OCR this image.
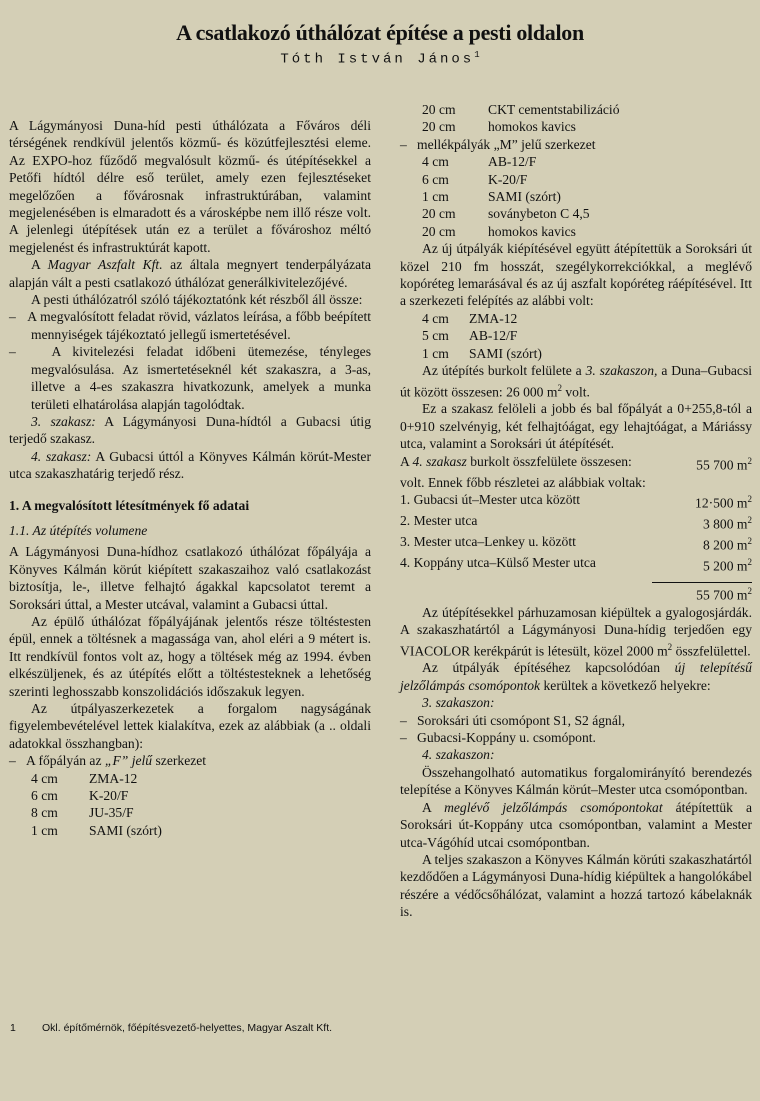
A csatlakozó úthálózat építése a pesti oldalon
Tóth István János$^1$

A Lágymányosi Duna-híd pesti úthálózata a Főváros déli térségének rendkívül jelentős közmű- és közútfejlesztési eleme. Az EXPO-hoz fűződő megvalósult közmű- és útépítésekkel a Petőfi hídtól délre eső terület, amely ezen fejlesztéseket megelőzően a fővárosnak infrastruktúrában, valamint megjelenésében is elmaradott és a városképbe nem illő része volt. A jelenlegi útépítések után ez a terület a fővároshoz méltó megjelenést és infrastruktúrát kapott.

A Magyar Aszfalt Kft. az általa megnyert tenderpályázata alapján vált a pesti csatlakozó úthálózat generálkivitelezőjévé.

A pesti úthálózatról szóló tájékoztatónk két részből áll össze:

–   A megvalósított feladat rövid, vázlatos leírása, a főbb beépített mennyiségek tájékoztató jellegű ismertetésével.

–   A kivitelezési feladat időbeni ütemezése, tényleges megvalósulása. Az ismertetéseknél két szakaszra, a 3-as, illetve a 4-es szakaszra hivatkozunk, amelyek a munka területi elhatárolása alapján tagolódtak.

3. szakasz: A Lágymányosi Duna-hídtól a Gubacsi útig terjedő szakasz.

4. szakasz: A Gubacsi úttól a Könyves Kálmán körút-Mester utca szakaszhatárig terjedő rész.

1. A megvalósított létesítmények fő adatai

1.1. Az útépítés volumene

A Lágymányosi Duna-hídhoz csatlakozó úthálózat főpályája a Könyves Kálmán körút kiépített szakaszaihoz való csatlakozást biztosítja, le-, illetve felhajtó ágakkal kapcsolatot teremt a Soroksári úttal, a Mester utcával, valamint a Gubacsi úttal.

Az épülő úthálózat főpályájának jelentős része töltéstesten épül, ennek a töltésnek a magassága van, ahol eléri a 9 métert is. Itt rendkívül fontos volt az, hogy a töltések még az 1994. évben elkészüljenek, és az útépítés előtt a töltéstesteknek a lehetőség szerinti leghosszabb konszolidációs időszakuk legyen.

Az útpályaszerkezetek a forgalom nagyságának figyelembevételével lettek kialakítva, ezek az alábbiak (a .. oldali adatokkal összhangban):

–   A főpályán az „F” jelű szerkezet

4 cm	ZMA-12
6 cm	K-20/F
8 cm	JU-35/F
1 cm	SAMI (szórt)
20 cm	CKT cementstabilizáció
20 cm	homokos kavics

–   mellékpályák „M” jelű szerkezet

4 cm	AB-12/F
6 cm	K-20/F
1 cm	SAMI (szórt)
20 cm	soványbeton C 4,5
20 cm	homokos kavics

Az új útpályák kiépítésével együtt átépítettük a Soroksári út közel 210 fm hosszát, szegélykorrekciókkal, a meglévő kopóréteg lemarásával és az új aszfalt kopóréteg ráépítésével. Itt a szerkezeti felépítés az alábbi volt:

4 cm	ZMA-12
5 cm	AB-12/F
1 cm	SAMI (szórt)

Az útépítés burkolt felülete a 3. szakaszon, a Duna–Gubacsi út között összesen: 26 000 $m^2$ volt.

Ez a szakasz felöleli a jobb és bal főpályát a 0+255,8-tól a 0+910 szelvényig, két felhajtóágat, egy lehajtóágat, a Máriássy utca, valamint a Soroksári út átépítését.

A 4. szakasz burkolt összfelülete összesen:	55 700 $m^2$

volt. Ennek főbb részletei az alábbiak voltak:

1. Gubacsi út–Mester utca között	12·500 $m^2$
2. Mester utca	3 800 $m^2$
3. Mester utca–Lenkey u. között	8 200 $m^2$
4. Koppány utca–Külső Mester utca	5 200 $m^2$
55 700 $m^2$

Az útépítésekkel párhuzamosan kiépültek a gyalogosjárdák. A szakaszhatártól a Lágymányosi Duna-hídig terjedően egy VIACOLOR kerékpárút is létesült, közel 2000 $m^2$ összfelülettel.

Az útpályák építéséhez kapcsolódóan új telepítésű jelzőlámpás csomópontok kerültek a következő helyekre:

3. szakaszon:

–   Soroksári úti csomópont S1, S2 ágnál,

–   Gubacsi-Koppány u. csomópont.

4. szakaszon:

Összehangolható automatikus forgalomirányító berendezés telepítése a Könyves Kálmán körút–Mester utca csomópontban.

A meglévő jelzőlámpás csomópontokat átépítettük a Soroksári út-Koppány utca csomópontban, valamint a Mester utca-Vágóhíd utcai csomópontban.

A teljes szakaszon a Könyves Kálmán körúti szakaszhatártól kezdődően a Lágymányosi Duna-hídig kiépültek a hangolókábel részére a védőcsőhálózat, valamint a hozzá tartozó kábelaknák is.

1 Okl. építőmérnök, főépítésvezető-helyettes, Magyar Aszalt Kft.
